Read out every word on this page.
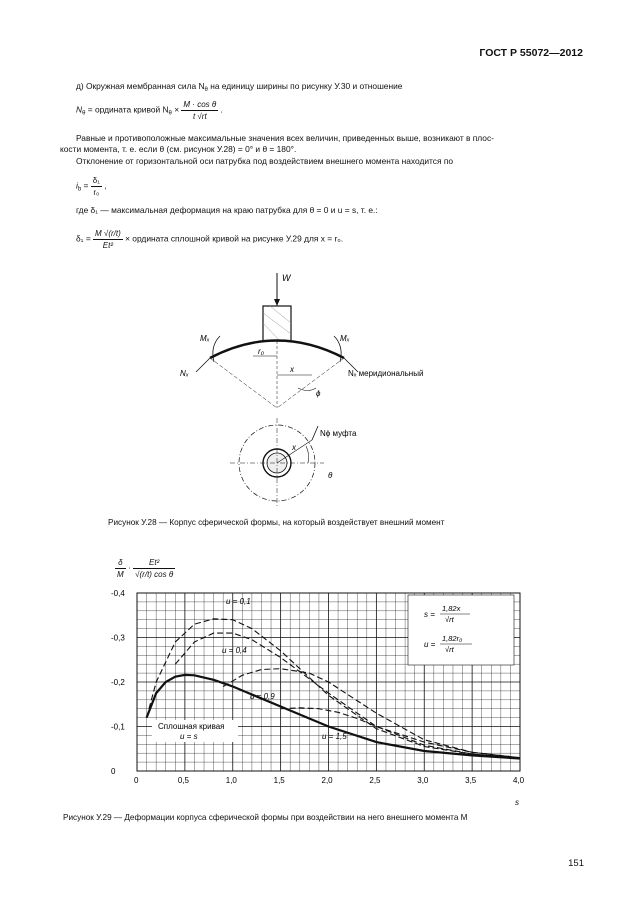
ГОСТ Р 55072—2012
д) Окружная мембранная сила $N_\theta$ на единицу ширины по рисунку У.30 и отношение
$N_\theta$ = ордината кривой $N_\theta \times \frac{\text{M · cos θ}}{t √rt}$ .
Равные и противоположные максимальные значения всех величин, приведенных выше, возникают в плос-
кости момента, т. е. если θ (см. рисунок У.28) = 0° и θ = 180°.
Отклонение от горизонтальной оси патрубка под воздействием внешнего момента находится по
$i_b = \frac{\text{δ₁}}{\text{r₀}}$ ,
где δ₁ — максимальная деформация на краю патрубка для θ = 0 и u = s, т. е.:
$\delta_1 = \frac{M √(r/t)}{\text{Et²}}$ × ордината сплошной кривой на рисунке У.29 для x = r₀.
W
r₀
x
ϕ
Mₓ	Mₓ
Nₓ	Nₓ меридиональный
x
Nϕ муфта
θ
Рисунок У.28 — Корпус сферической формы, на который воздействует внешний момент
$\frac{\delta}{M} \cdot \frac{\text{Et²}}{\text{√(r/t) cos θ}}$
0	0,5	1,0	1,5	2,0	2,5	3,0	3,5	4,0
0
-0,1
-0,2
-0,3
-0,4
s =
1,82x
√rt
u =
1,82r₀
√rt
Сплошная кривая
u = s
u = 0,1
u = 0,4
u = 0,9
u = 1,5
s
Рисунок У.29 — Деформации корпуса сферической формы при воздействии на него внешнего момента M
151
